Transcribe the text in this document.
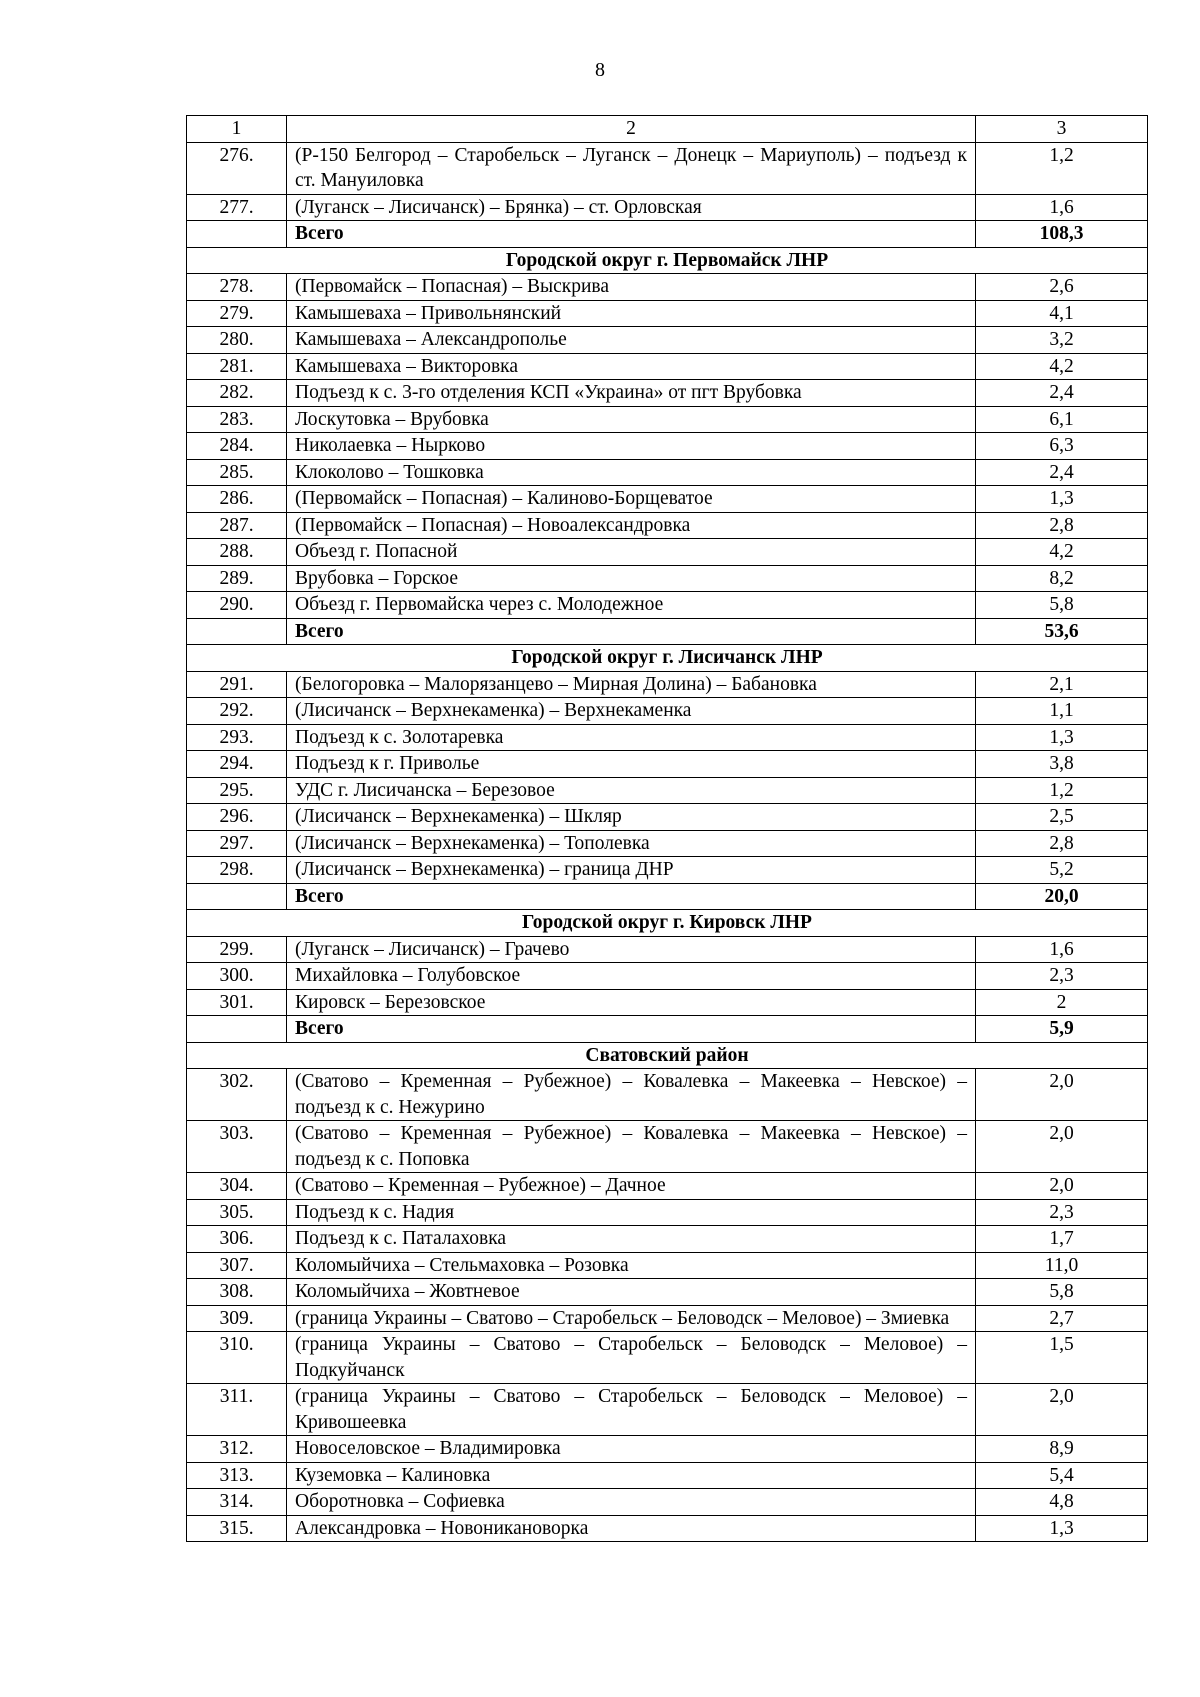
8
1	2	3
276.	(Р-150 Белгород – Старобельск – Луганск – Донецк – Мариуполь) – подъезд к ст. Мануиловка	1,2
277.	(Луганск – Лисичанск) – Брянка) – ст. Орловская	1,6
	Всего	108,3
Городской округ г. Первомайск ЛНР		
278.	(Первомайск – Попасная) – Выскрива	2,6
279.	Камышеваха – Привольнянский	4,1
280.	Камышеваха – Александрополье	3,2
281.	Камышеваха – Викторовка	4,2
282.	Подъезд к с. 3-го отделения КСП «Украина» от пгт Врубовка	2,4
283.	Лоскутовка – Врубовка	6,1
284.	Николаевка – Нырково	6,3
285.	Клоколово – Тошковка	2,4
286.	(Первомайск – Попасная) – Калиново-Борщеватое	1,3
287.	(Первомайск – Попасная) – Новоалександровка	2,8
288.	Объезд г. Попасной	4,2
289.	Врубовка – Горское	8,2
290.	Объезд г. Первомайска через с. Молодежное	5,8
	Всего	53,6
Городской округ г. Лисичанск ЛНР		
291.	(Белогоровка – Малорязанцево – Мирная Долина) – Бабановка	2,1
292.	(Лисичанск – Верхнекаменка) – Верхнекаменка	1,1
293.	Подъезд к с. Золотаревка	1,3
294.	Подъезд к г. Приволье	3,8
295.	УДС г. Лисичанска – Березовое	1,2
296.	(Лисичанск – Верхнекаменка) – Шкляр	2,5
297.	(Лисичанск – Верхнекаменка) – Тополевка	2,8
298.	(Лисичанск – Верхнекаменка) – граница ДНР	5,2
	Всего	20,0
Городской округ г. Кировск ЛНР		
299.	(Луганск – Лисичанск) – Грачево	1,6
300.	Михайловка – Голубовское	2,3
301.	Кировск – Березовское	2
	Всего	5,9
Сватовский район		
302.	(Сватово – Кременная – Рубежное) – Ковалевка – Макеевка – Невское) – подъезд к с. Нежурино	2,0
303.	(Сватово – Кременная – Рубежное) – Ковалевка – Макеевка – Невское) – подъезд к с. Поповка	2,0
304.	(Сватово – Кременная – Рубежное) – Дачное	2,0
305.	Подъезд к с. Надия	2,3
306.	Подъезд к с. Паталаховка	1,7
307.	Коломыйчиха – Стельмаховка – Розовка	11,0
308.	Коломыйчиха – Жовтневое	5,8
309.	(граница Украины – Сватово – Старобельск – Беловодск – Меловое) – Змиевка	2,7
310.	(граница Украины – Сватово – Старобельск – Беловодск – Меловое) – Подкуйчанск	1,5
311.	(граница Украины – Сватово – Старобельск – Беловодск – Меловое) – Кривошеевка	2,0
312.	Новоселовское – Владимировка	8,9
313.	Куземовка – Калиновка	5,4
314.	Оборотновка – Софиевка	4,8
315.	Александровка – Новоникановорка	1,3
